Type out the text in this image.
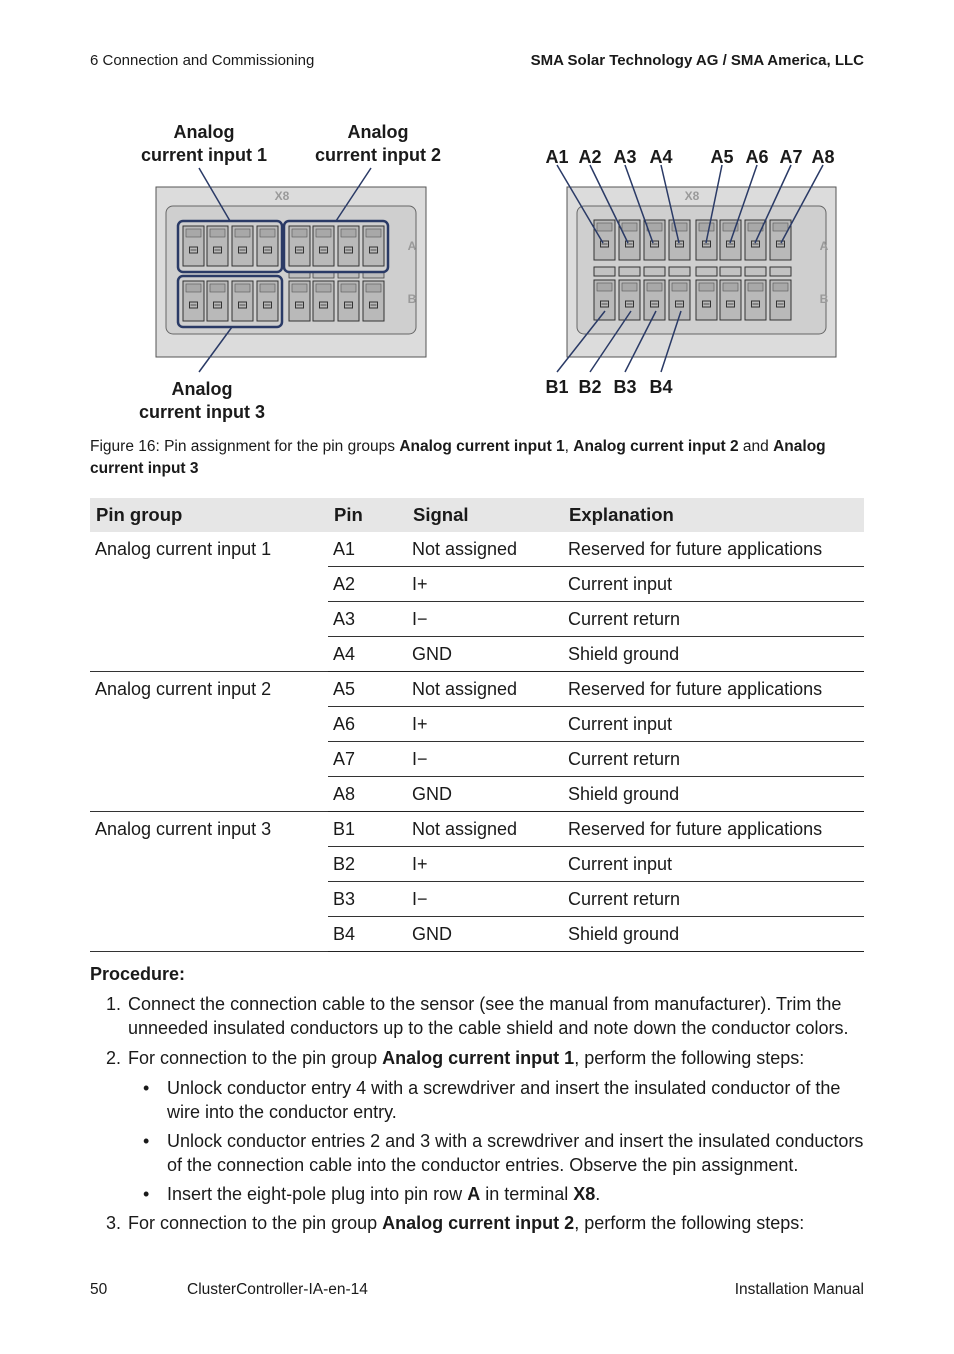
6 Connection and Commissioning	SMA Solar Technology AG / SMA America, LLC
X8
A
B
Analog
current input 1
Analog
current input 2
Analog
current input 3
X8
A
B
A1 A2 A3 A4 A5 A6 A7 A8
B1 B2 B3 B4
Figure 16: Pin assignment for the pin groups Analog current input 1, Analog current input 2 and Analog current input 3
Pin group	Pin	Signal	Explanation
Analog current input 1	A1	Not assigned	Reserved for future applications
	A2	I+	Current input
	A3	I−	Current return
	A4	GND	Shield ground
Analog current input 2	A5	Not assigned	Reserved for future applications
	A6	I+	Current input
	A7	I−	Current return
	A8	GND	Shield ground
Analog current input 3	B1	Not assigned	Reserved for future applications
	B2	I+	Current input
	B3	I−	Current return
	B4	GND	Shield ground
Procedure:
1. Connect the connection cable to the sensor (see the manual from manufacturer). Trim the unneeded insulated conductors up to the cable shield and note down the conductor colors.
2. For connection to the pin group Analog current input 1, perform the following steps:
• Unlock conductor entry 4 with a screwdriver and insert the insulated conductor of the wire into the conductor entry.
• Unlock conductor entries 2 and 3 with a screwdriver and insert the insulated conductors of the connection cable into the conductor entries. Observe the pin assignment.
• Insert the eight-pole plug into pin row A in terminal X8.
3. For connection to the pin group Analog current input 2, perform the following steps:
50	ClusterController-IA-en-14	Installation Manual
